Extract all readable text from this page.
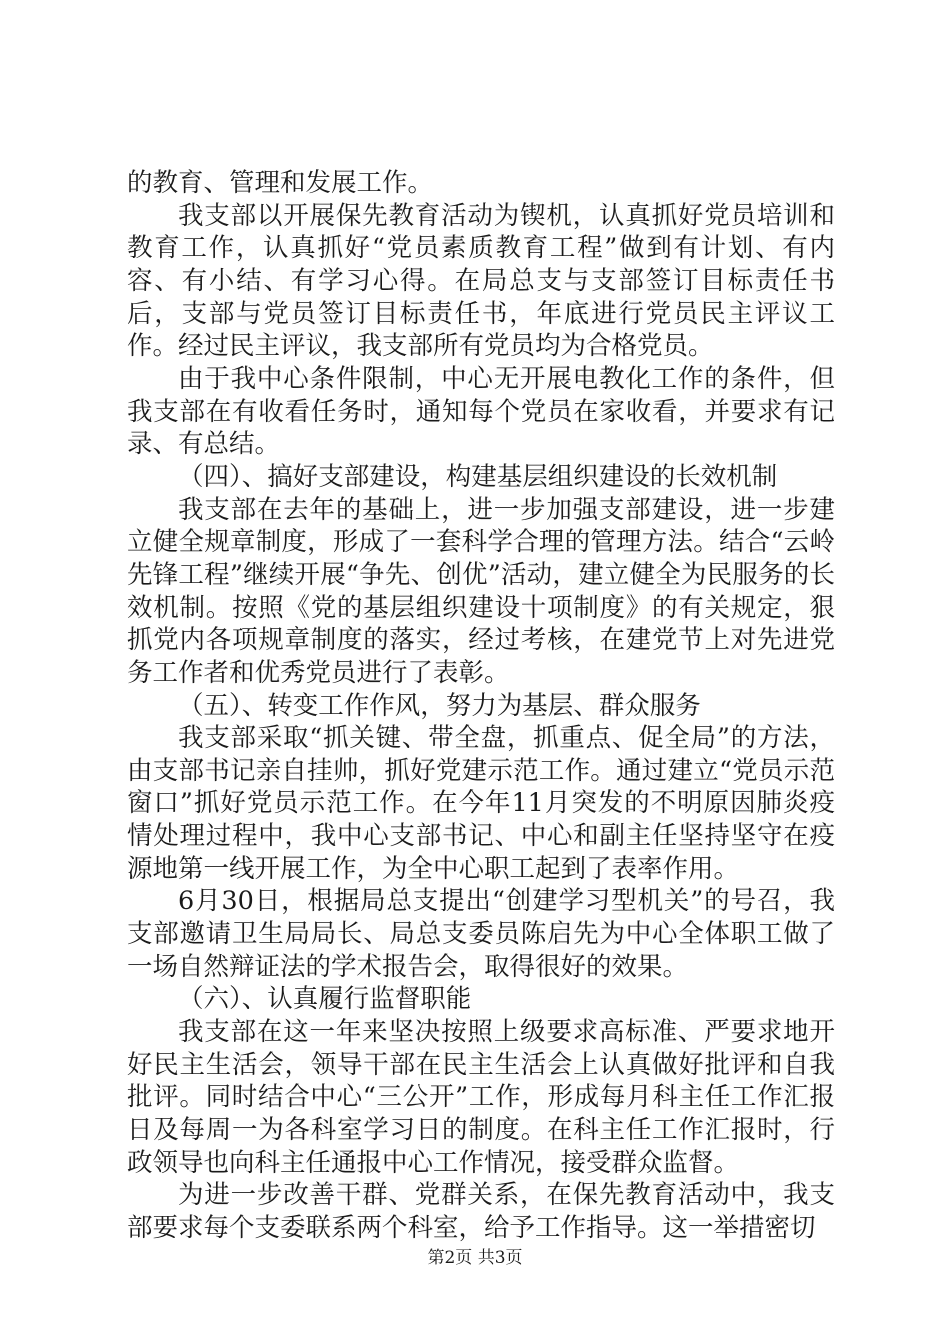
的教育、管理和发展工作。

我支部以开展保先教育活动为锲机，认真抓好党员培训和教育工作，认真抓好“党员素质教育工程”做到有计划、有内容、有小结、有学习心得。在局总支与支部签订目标责任书后，支部与党员签订目标责任书，年底进行党员民主评议工作。经过民主评议，我支部所有党员均为合格党员。

由于我中心条件限制，中心无开展电教化工作的条件，但我支部在有收看任务时，通知每个党员在家收看，并要求有记录、有总结。

（四）、搞好支部建设，构建基层组织建设的长效机制

我支部在去年的基础上，进一步加强支部建设，进一步建立健全规章制度，形成了一套科学合理的管理方法。结合“云岭先锋工程”继续开展“争先、创优”活动，建立健全为民服务的长效机制。按照《党的基层组织建设十项制度》的有关规定，狠抓党内各项规章制度的落实，经过考核，在建党节上对先进党务工作者和优秀党员进行了表彰。

（五）、转变工作作风，努力为基层、群众服务

我支部采取“抓关键、带全盘，抓重点、促全局”的方法，由支部书记亲自挂帅，抓好党建示范工作。通过建立“党员示范窗口”抓好党员示范工作。在今年11月突发的不明原因肺炎疫情处理过程中，我中心支部书记、中心和副主任坚持坚守在疫源地第一线开展工作，为全中心职工起到了表率作用。

6月30日，根据局总支提出“创建学习型机关”的号召，我支部邀请卫生局局长、局总支委员陈启先为中心全体职工做了一场自然辩证法的学术报告会，取得很好的效果。

（六）、认真履行监督职能

我支部在这一年来坚决按照上级要求高标准、严要求地开好民主生活会，领导干部在民主生活会上认真做好批评和自我批评。同时结合中心“三公开”工作，形成每月科主任工作汇报日及每周一为各科室学习日的制度。在科主任工作汇报时，行政领导也向科主任通报中心工作情况，接受群众监督。

为进一步改善干群、党群关系，在保先教育活动中，我支部要求每个支委联系两个科室，给予工作指导。这一举措密切

第2页 共3页
